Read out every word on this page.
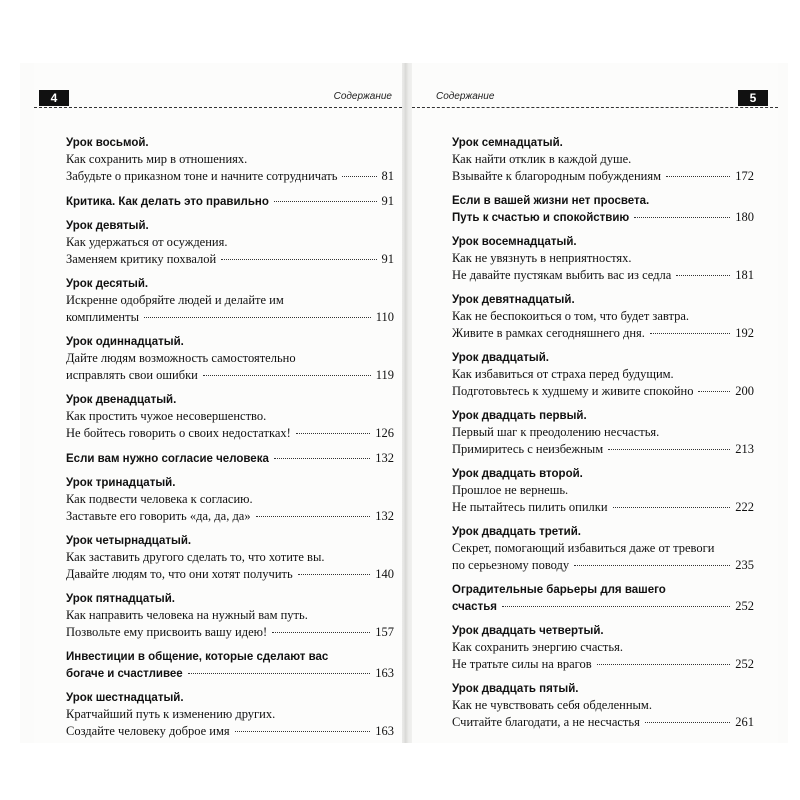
4	Содержание
Урок восьмой.
Как сохранить мир в отношениях.
Забудьте о приказном тоне и начните сотрудничать	81
Критика. Как делать это правильно	91
Урок девятый.
Как удержаться от осуждения.
Заменяем критику похвалой	91
Урок десятый.
Искренне одобряйте людей и делайте им
комплименты	110
Урок одиннадцатый.
Дайте людям возможность самостоятельно
исправлять свои ошибки	119
Урок двенадцатый.
Как простить чужое несовершенство.
Не бойтесь говорить о своих недостатках!	126
Если вам нужно согласие человека	132
Урок тринадцатый.
Как подвести человека к согласию.
Заставьте его говорить «да, да, да»	132
Урок четырнадцатый.
Как заставить другого сделать то, что хотите вы.
Давайте людям то, что они хотят получить	140
Урок пятнадцатый.
Как направить человека на нужный вам путь.
Позвольте ему присвоить вашу идею!	157
Инвестиции в общение, которые сделают вас
богаче и счастливее	163
Урок шестнадцатый.
Кратчайший путь к изменению других.
Создайте человеку доброе имя	163
Содержание	5
Урок семнадцатый.
Как найти отклик в каждой душе.
Взывайте к благородным побуждениям	172
Если в вашей жизни нет просвета.
Путь к счастью и спокойствию	180
Урок восемнадцатый.
Как не увязнуть в неприятностях.
Не давайте пустякам выбить вас из седла	181
Урок девятнадцатый.
Как не беспокоиться о том, что будет завтра.
Живите в рамках сегодняшнего дня.	192
Урок двадцатый.
Как избавиться от страха перед будущим.
Подготовьтесь к худшему и живите спокойно	200
Урок двадцать первый.
Первый шаг к преодолению несчастья.
Примиритесь с неизбежным	213
Урок двадцать второй.
Прошлое не вернешь.
Не пытайтесь пилить опилки	222
Урок двадцать третий.
Секрет, помогающий избавиться даже от тревоги
по серьезному поводу	235
Оградительные барьеры для вашего
счастья	252
Урок двадцать четвертый.
Как сохранить энергию счастья.
Не тратьте силы на врагов	252
Урок двадцать пятый.
Как не чувствовать себя обделенным.
Считайте благодати, а не несчастья	261
